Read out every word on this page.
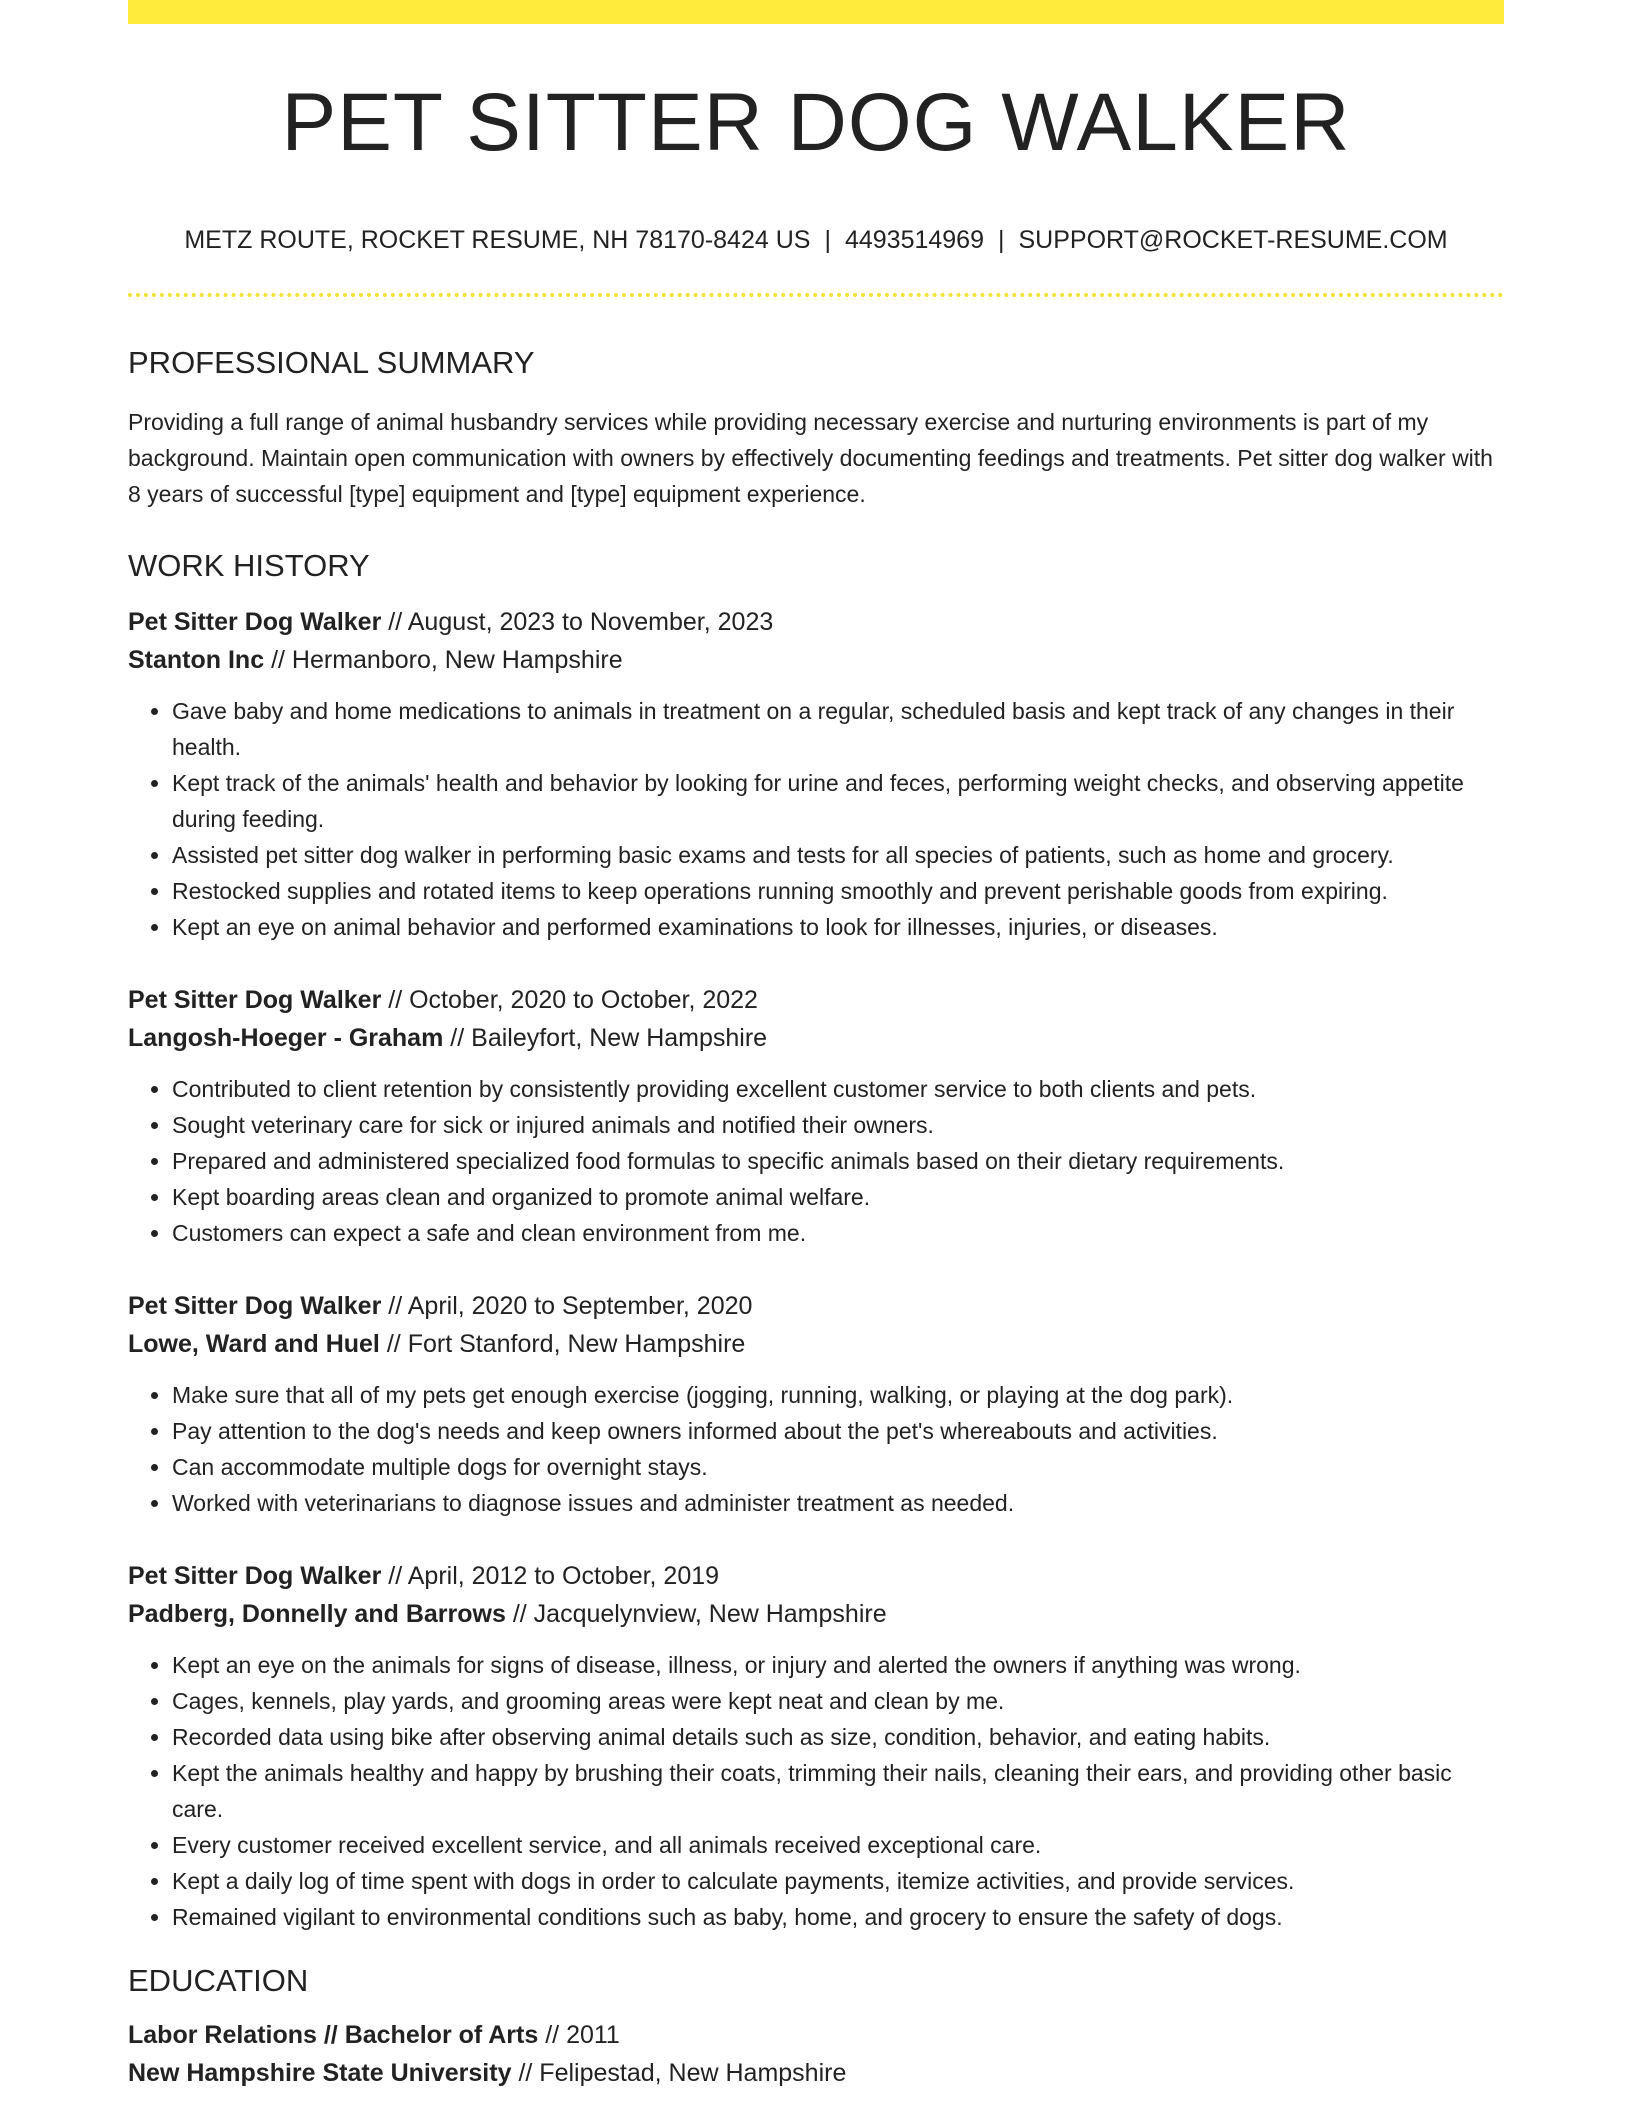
PET SITTER DOG WALKER
METZ ROUTE, ROCKET RESUME, NH 78170-8424 US | 4493514969 | SUPPORT@ROCKET-RESUME.COM
PROFESSIONAL SUMMARY

Providing a full range of animal husbandry services while providing necessary exercise and nurturing environments is part of my background. Maintain open communication with owners by effectively documenting feedings and treatments. Pet sitter dog walker with 8 years of successful [type] equipment and [type] equipment experience.

WORK HISTORY
Pet Sitter Dog Walker // August, 2023 to November, 2023
Stanton Inc // Hermanboro, New Hampshire
• Gave baby and home medications to animals in treatment on a regular, scheduled basis and kept track of any changes in their health.
• Kept track of the animals' health and behavior by looking for urine and feces, performing weight checks, and observing appetite during feeding.
• Assisted pet sitter dog walker in performing basic exams and tests for all species of patients, such as home and grocery.
• Restocked supplies and rotated items to keep operations running smoothly and prevent perishable goods from expiring.
• Kept an eye on animal behavior and performed examinations to look for illnesses, injuries, or diseases.
Pet Sitter Dog Walker // October, 2020 to October, 2022
Langosh-Hoeger - Graham // Baileyfort, New Hampshire
• Contributed to client retention by consistently providing excellent customer service to both clients and pets.
• Sought veterinary care for sick or injured animals and notified their owners.
• Prepared and administered specialized food formulas to specific animals based on their dietary requirements.
• Kept boarding areas clean and organized to promote animal welfare.
• Customers can expect a safe and clean environment from me.
Pet Sitter Dog Walker // April, 2020 to September, 2020
Lowe, Ward and Huel // Fort Stanford, New Hampshire
• Make sure that all of my pets get enough exercise (jogging, running, walking, or playing at the dog park).
• Pay attention to the dog's needs and keep owners informed about the pet's whereabouts and activities.
• Can accommodate multiple dogs for overnight stays.
• Worked with veterinarians to diagnose issues and administer treatment as needed.
Pet Sitter Dog Walker // April, 2012 to October, 2019
Padberg, Donnelly and Barrows // Jacquelynview, New Hampshire
• Kept an eye on the animals for signs of disease, illness, or injury and alerted the owners if anything was wrong.
• Cages, kennels, play yards, and grooming areas were kept neat and clean by me.
• Recorded data using bike after observing animal details such as size, condition, behavior, and eating habits.
• Kept the animals healthy and happy by brushing their coats, trimming their nails, cleaning their ears, and providing other basic care.
• Every customer received excellent service, and all animals received exceptional care.
• Kept a daily log of time spent with dogs in order to calculate payments, itemize activities, and provide services.
• Remained vigilant to environmental conditions such as baby, home, and grocery to ensure the safety of dogs.
EDUCATION
Labor Relations // Bachelor of Arts // 2011
New Hampshire State University // Felipestad, New Hampshire
